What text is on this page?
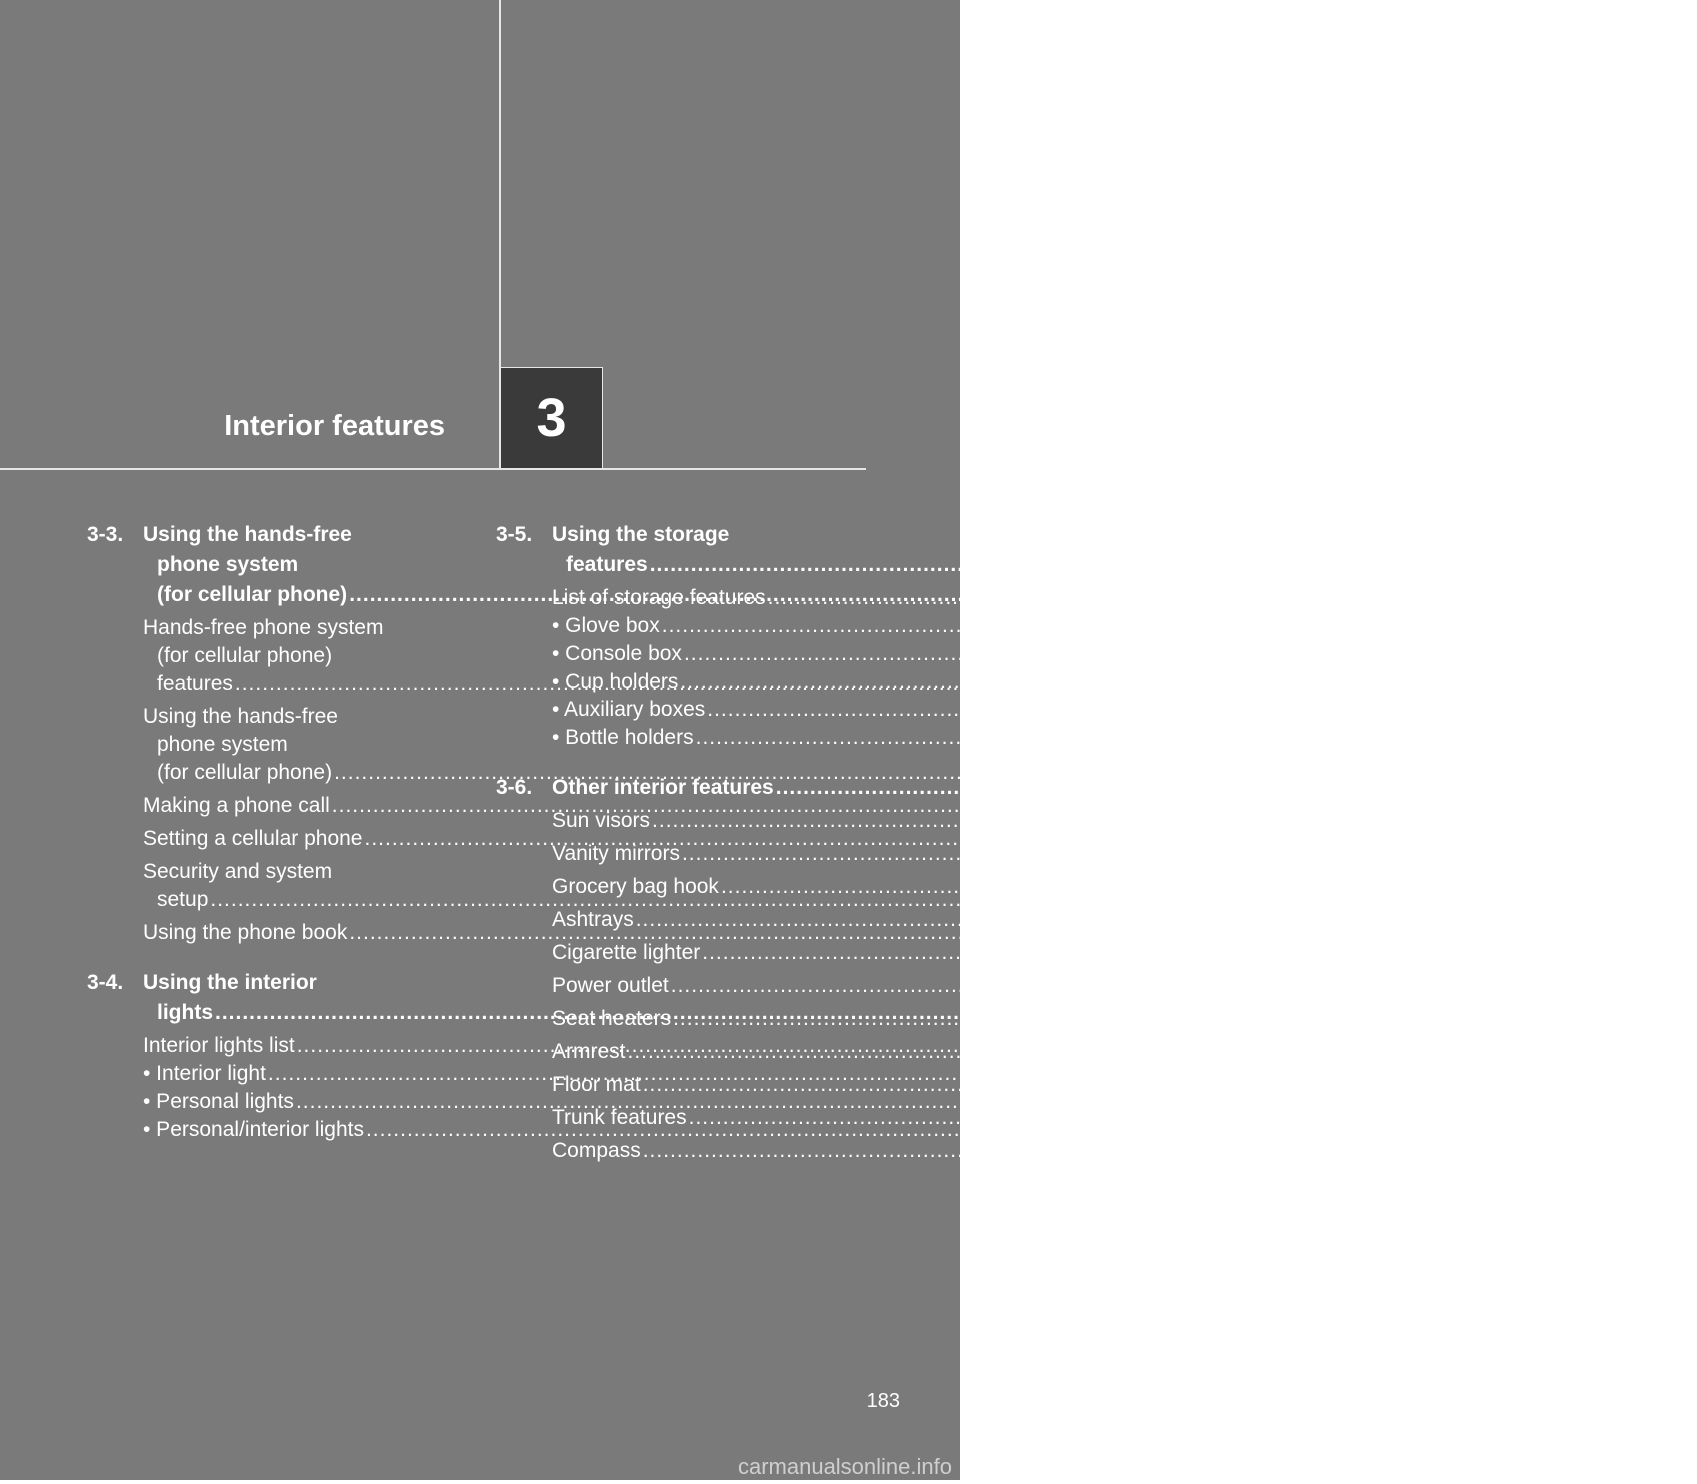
Interior features 3
3-3. Using the hands-free
phone system
(for cellular phone) .....	228
Hands-free phone system
(for cellular phone)
features .....	228
Using the hands-free
phone system
(for cellular phone) .....	231
Making a phone call .....	240
Setting a cellular phone .....	244
Security and system
setup .....	249
Using the phone book .....	253
3-4. Using the interior
lights .....	260
Interior lights list .....	260
• Interior light .....	262
• Personal lights .....	262
• Personal/interior lights .....	263
3-5. Using the storage
features .....	264
List of storage features .....	264
• Glove box .....	265
• Console box .....	265
• Cup holders .....	267
• Auxiliary boxes .....	269
• Bottle holders .....	271
3-6. Other interior features .....	272
Sun visors .....	272
Vanity mirrors .....	273
Grocery bag hook .....	274
Ashtrays .....	275
Cigarette lighter .....	276
Power outlet .....	277
Seat heaters .....	279
Armrest .....	281
Floor mat .....	282
Trunk features .....	283
Compass .....	284
183
carmanualsonline.info
